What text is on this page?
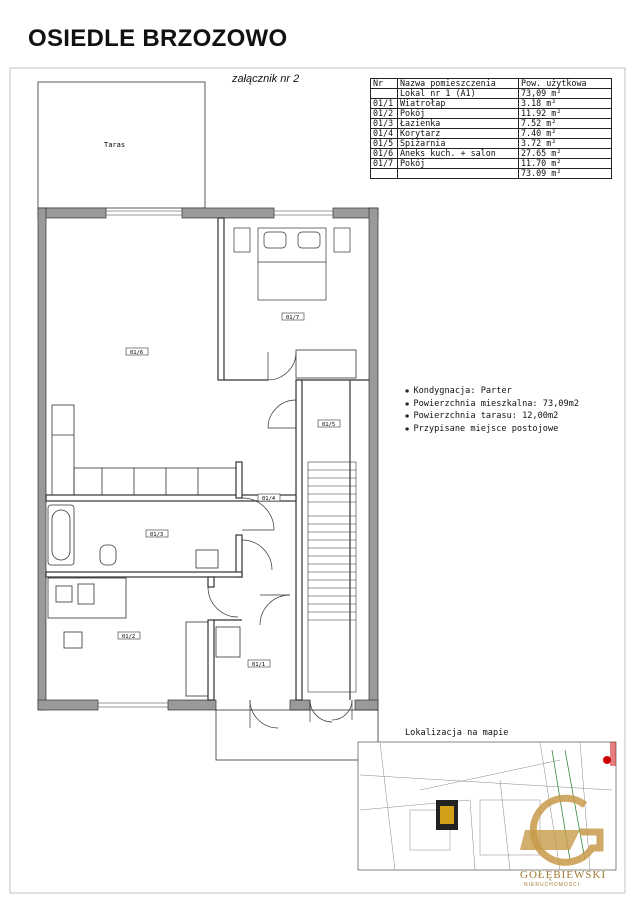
OSIEDLE BRZOZOWO
załącznik nr 2	Nr	Nazwa pomieszczenia	Pow. użytkowa
	Lokal nr 1 (A1)	73,09 m²
01/1	Wiatrołap	3.18 m²
01/2	Pokój	11.92 m²
01/3	Łazienka	7.52 m²
01/4	Korytarz	7.40 m²
01/5	Spiżarnia	3.72 m²
01/6	Aneks kuch. + salon	27.65 m²
01/7	Pokój	11.70 m²
		73.09 m²
Taras
01/7
01/6
01/3
01/4
01/5
01/2
01/1
GOŁĘBIEWSKI
NIERUCHOMOŚCI
✱ Kondygnacja: Parter
✱ Powierzchnia mieszkalna: 73,09m2
✱ Powierzchnia tarasu: 12,00m2
✱ Przypisane miejsce postojowe
Lokalizacja na mapie
